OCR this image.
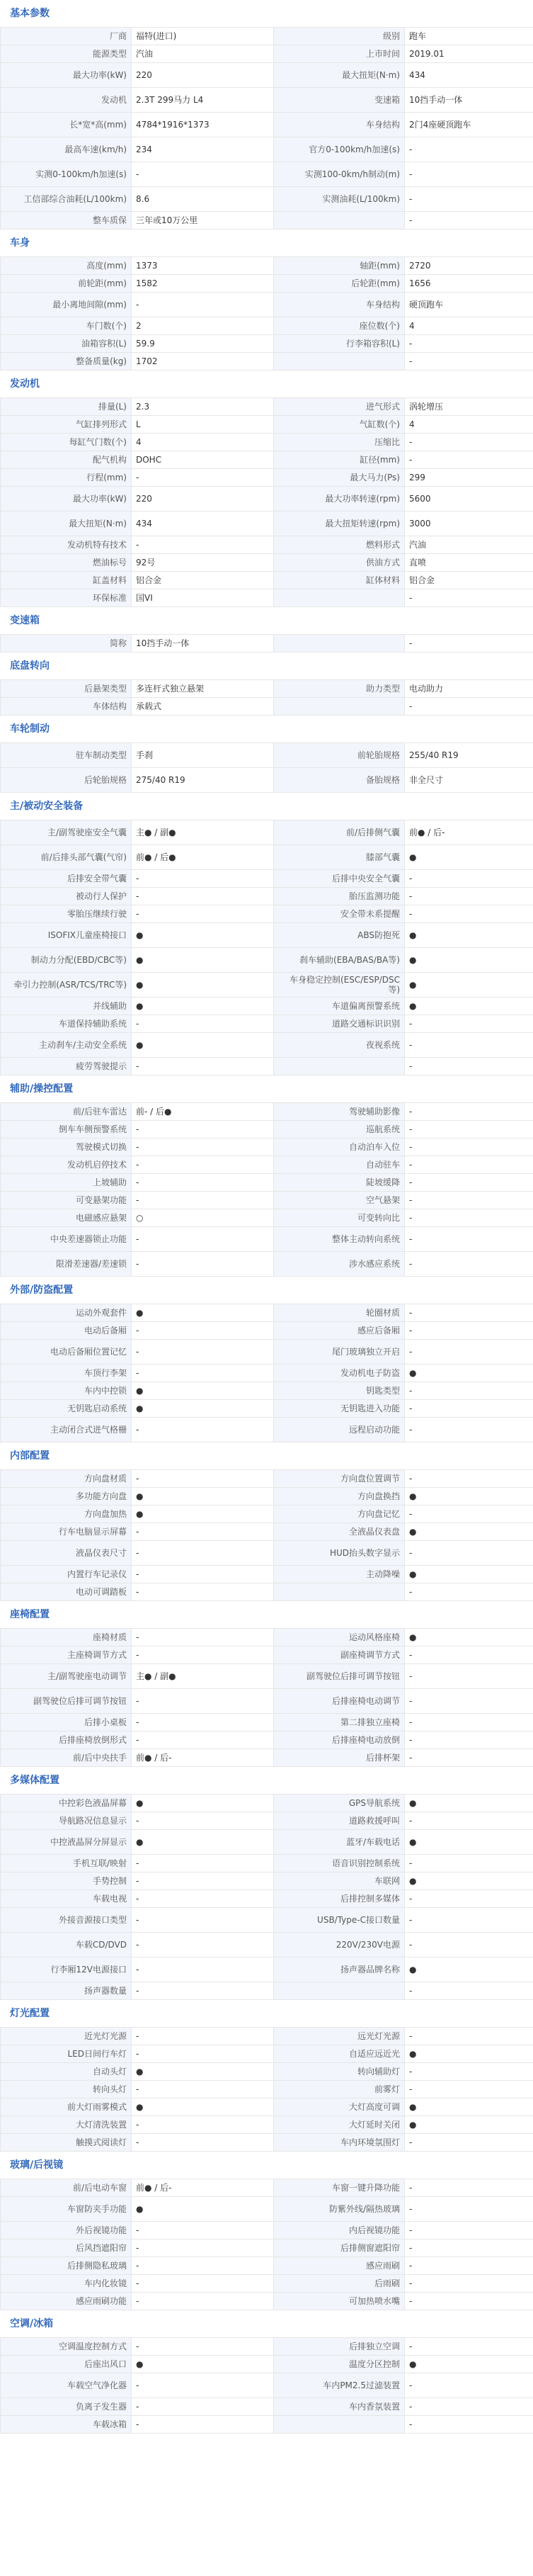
基本参数
厂商	福特(进口)	级别	跑车
能源类型	汽油	上市时间	2019.01
最大功率(kW)	220	最大扭矩(N·m)	434
发动机	2.3T 299马力 L4	变速箱	10挡手动一体
长*宽*高(mm)	4784*1916*1373	车身结构	2门4座硬顶跑车
最高车速(km/h)	234	官方0-100km/h加速(s)	-
实测0-100km/h加速(s)	-	实测100-0km/h制动(m)	-
工信部综合油耗(L/100km)	8.6	实测油耗(L/100km)	-
整车质保	三年或10万公里		-
车身
高度(mm)	1373	轴距(mm)	2720
前轮距(mm)	1582	后轮距(mm)	1656
最小离地间隙(mm)	-	车身结构	硬顶跑车
车门数(个)	2	座位数(个)	4
油箱容积(L)	59.9	行李箱容积(L)	-
整备质量(kg)	1702		-
发动机
排量(L)	2.3	进气形式	涡轮增压
气缸排列形式	L	气缸数(个)	4
每缸气门数(个)	4	压缩比	-
配气机构	DOHC	缸径(mm)	-
行程(mm)	-	最大马力(Ps)	299
最大功率(kW)	220	最大功率转速(rpm)	5600
最大扭矩(N·m)	434	最大扭矩转速(rpm)	3000
发动机特有技术	-	燃料形式	汽油
燃油标号	92号	供油方式	直喷
缸盖材料	铝合金	缸体材料	铝合金
环保标准	国VI		-
变速箱
简称	10挡手动一体		-
底盘转向
后悬架类型	多连杆式独立悬架	助力类型	电动助力
车体结构	承载式		-
车轮制动
驻车制动类型	手刹	前轮胎规格	255/40 R19
后轮胎规格	275/40 R19	备胎规格	非全尺寸
主/被动安全装备
主/副驾驶座安全气囊	主● / 副●	前/后排侧气囊	前● / 后-
前/后排头部气囊(气帘)	前● / 后●	膝部气囊	●
后排安全带气囊	-	后排中央安全气囊	-
被动行人保护	-	胎压监测功能	-
零胎压继续行驶	-	安全带未系提醒	-
ISOFIX儿童座椅接口	●	ABS防抱死	●
制动力分配(EBD/CBC等)	●	刹车辅助(EBA/BAS/BA等)	●
牵引力控制(ASR/TCS/TRC等)	●	车身稳定控制(ESC/ESP/DSC等)	●
并线辅助	●	车道偏离预警系统	●
车道保持辅助系统	-	道路交通标识识别	-
主动刹车/主动安全系统	●	夜视系统	-
疲劳驾驶提示	-		-
辅助/操控配置
前/后驻车雷达	前- / 后●	驾驶辅助影像	-
倒车车侧预警系统	-	巡航系统	-
驾驶模式切换	-	自动泊车入位	-
发动机启停技术	-	自动驻车	-
上坡辅助	-	陡坡缓降	-
可变悬架功能	-	空气悬架	-
电磁感应悬架	○	可变转向比	-
中央差速器锁止功能	-	整体主动转向系统	-
限滑差速器/差速锁	-	涉水感应系统	-
外部/防盗配置
运动外观套件	●	轮圈材质	-
电动后备厢	-	感应后备厢	-
电动后备厢位置记忆	-	尾门玻璃独立开启	-
车顶行李架	-	发动机电子防盗	●
车内中控锁	●	钥匙类型	-
无钥匙启动系统	●	无钥匙进入功能	-
主动闭合式进气格栅	-	远程启动功能	-
内部配置
方向盘材质	-	方向盘位置调节	-
多功能方向盘	●	方向盘换挡	●
方向盘加热	●	方向盘记忆	-
行车电脑显示屏幕	-	全液晶仪表盘	●
液晶仪表尺寸	-	HUD抬头数字显示	-
内置行车记录仪	-	主动降噪	●
电动可调踏板	-		-
座椅配置
座椅材质	-	运动风格座椅	●
主座椅调节方式	-	副座椅调节方式	-
主/副驾驶座电动调节	主● / 副●	副驾驶位后排可调节按钮	-
副驾驶位后排可调节按钮	-	后排座椅电动调节	-
后排小桌板	-	第二排独立座椅	-
后排座椅放倒形式	-	后排座椅电动放倒	-
前/后中央扶手	前● / 后-	后排杯架	-
多媒体配置
中控彩色液晶屏幕	●	GPS导航系统	●
导航路况信息显示	-	道路救援呼叫	-
中控液晶屏分屏显示	●	蓝牙/车载电话	●
手机互联/映射	-	语音识别控制系统	-
手势控制	-	车联网	●
车载电视	-	后排控制多媒体	-
外接音源接口类型	-	USB/Type-C接口数量	-
车载CD/DVD	-	220V/230V电源	-
行李厢12V电源接口	-	扬声器品牌名称	●
扬声器数量	-		-
灯光配置
近光灯光源	-	远光灯光源	-
LED日间行车灯	-	自适应远近光	●
自动头灯	●	转向辅助灯	-
转向头灯	-	前雾灯	-
前大灯雨雾模式	●	大灯高度可调	●
大灯清洗装置	-	大灯延时关闭	●
触摸式阅读灯	-	车内环境氛围灯	-
玻璃/后视镜
前/后电动车窗	前● / 后-	车窗一键升降功能	-
车窗防夹手功能	●	防紫外线/隔热玻璃	-
外后视镜功能	-	内后视镜功能	-
后风挡遮阳帘	-	后排侧窗遮阳帘	-
后排侧隐私玻璃	-	感应雨刷	-
车内化妆镜	-	后雨刷	-
感应雨刷功能	-	可加热喷水嘴	-
空调/冰箱
空调温度控制方式	-	后排独立空调	-
后座出风口	●	温度分区控制	●
车载空气净化器	-	车内PM2.5过滤装置	-
负离子发生器	-	车内香氛装置	-
车载冰箱	-		-
